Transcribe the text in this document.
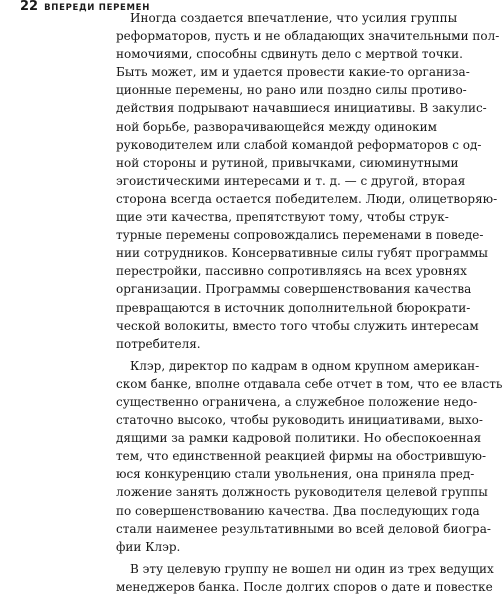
22 ВПЕРЕДИ ПЕРЕМЕН
Иногда создается впечатление, что усилия группы
реформаторов, пусть и не обладающих значительными пол-
номочиями, способны сдвинуть дело с мертвой точки.
Быть может, им и удается провести какие-то организа-
ционные перемены, но рано или поздно силы противо-
действия подрывают начавшиеся инициативы. В закулис-
ной борьбе, разворачивающейся между одиноким
руководителем или слабой командой реформаторов с од-
ной стороны и рутиной, привычками, сиюминутными
эгоистическими интересами и т. д. — с другой, вторая
сторона всегда остается победителем. Люди, олицетворяю-
щие эти качества, препятствуют тому, чтобы струк-
турные перемены сопровождались переменами в поведе-
нии сотрудников. Консервативные силы губят программы
перестройки, пассивно сопротивляясь на всех уровнях
организации. Программы совершенствования качества
превращаются в источник дополнительной бюрократи-
ческой волокиты, вместо того чтобы служить интересам
потребителя.
Клэр, директор по кадрам в одном крупном американ-
ском банке, вполне отдавала себе отчет в том, что ее власть
существенно ограничена, а служебное положение недо-
статочно высоко, чтобы руководить инициативами, выхо-
дящими за рамки кадровой политики. Но обеспокоенная
тем, что единственной реакцией фирмы на обострившую-
юся конкуренцию стали увольнения, она приняла пред-
ложение занять должность руководителя целевой группы
по совершенствованию качества. Два последующих года
стали наименее результативными во всей деловой биогра-
фии Клэр.
В эту целевую группу не вошел ни один из трех ведущих
менеджеров банка. После долгих споров о дате и повестке
